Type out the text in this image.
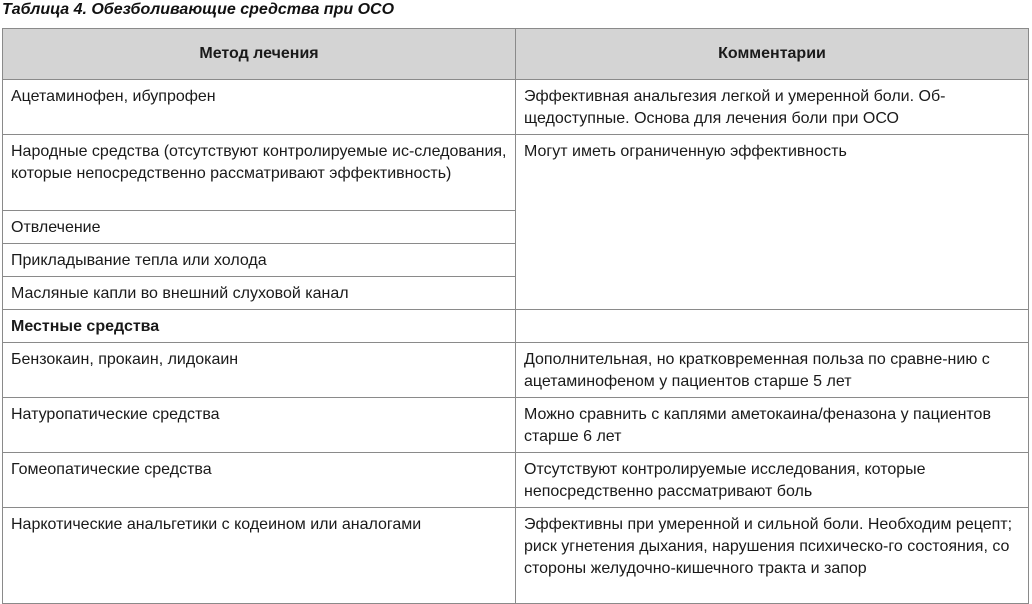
Таблица 4. Обезболивающие средства при ОСО
Метод лечения	Комментарии

Ацетаминофен, ибупрофен	Эффективная анальгезия легкой и умеренной боли. Об-щедоступные. Основа для лечения боли при ОСО

Народные средства (отсутствуют контролируемые ис-следования, которые непосредственно рассматривают эффективность)	Могут иметь ограниченную эффективность

Отвлечение	

Прикладывание тепла или холода	

Масляные капли во внешний слуховой канал	

Местные средства	

Бензокаин, прокаин, лидокаин	Дополнительная, но кратковременная польза по сравне-нию с ацетаминофеном у пациентов старше 5 лет

Натуропатические средства	Можно сравнить с каплями аметокаина/феназона у пациентов старше 6 лет

Гомеопатические средства	Отсутствуют контролируемые исследования, которые непосредственно рассматривают боль

Наркотические анальгетики с кодеином или аналогами	Эффективны при умеренной и сильной боли. Необходим рецепт; риск угнетения дыхания, нарушения психическо-го состояния, со стороны желудочно-кишечного тракта и запор
